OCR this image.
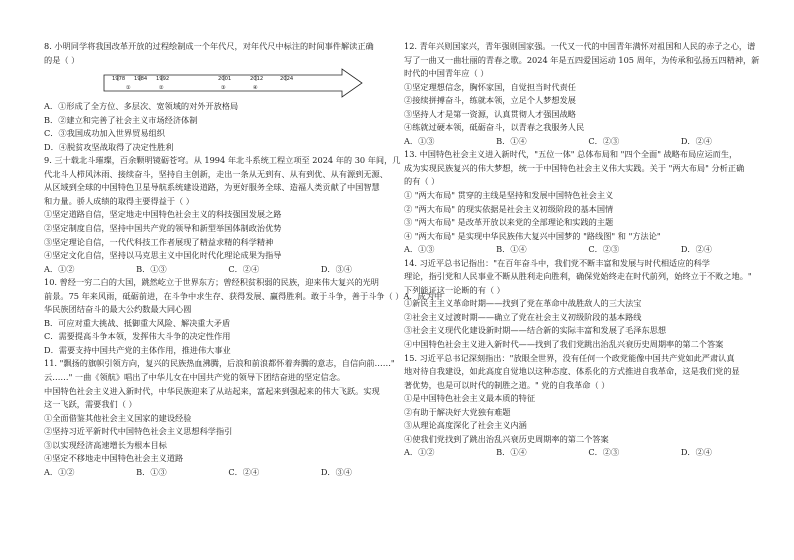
8. 小明同学将我国改革开放的过程绘制成一个年代尺，对年代尺中标注的时间事件解读正确
的是（ ）
1978 1984 1992	2001	2012	2024
①	②	③	④
A．①形成了全方位、多层次、宽领域的对外开放格局
B．②建立和完善了社会主义市场经济体制
C．③我国成功加入世界贸易组织
D．④脱贫攻坚战取得了决定性胜利
9. 三十载北斗璀璨，百余颗明镜砺苍穹。从 1994 年北斗系统工程立项至 2024 年的 30 年间，几
代北斗人栉风沐雨、接续奋斗，坚持自主创新，走出一条从无到有、从有到优、从有源到无源、
从区域到全球的中国特色卫星导航系统建设道路，为更好服务全球、造福人类贡献了中国智慧
和力量。骄人成绩的取得主要得益于（ ）
①坚定道路自信，坚定地走中国特色社会主义的科技强国发展之路
②坚定制度自信，坚持中国共产党的领导和新型举国体制政治优势
③坚定理论自信，一代代科技工作者展现了精益求精的科学精神
④坚定文化自信，坚持以马克思主义中国化时代化理论成果为指导
A．①②	B．①③	C．②④	D．③④
10. 曾经一穷二白的大国，跳然屹立于世界东方；曾经积贫积弱的民族，迎来伟大复兴的光明
前景。75 年来风雨，砥砺前进，在斗争中求生存、获得发展、赢得胜利。敢于斗争，善于斗争（ ）A．成为中
华民族团结奋斗的最大公约数最大同心圆
B．可应对重大挑战、抵御重大风险、解决重大矛盾
C．需要提高斗争本领，发挥伟大斗争的决定性作用
D．需要支持中国共产党的主体作用，推进伟大事业
11. "飘扬的旗帜引领方向，复兴的民族热血沸腾，后浪和前浪都怀着奔腾的意志，自信向前……"
云……" 一曲《领航》唱出了中华儿女在中国共产党的领导下团结奋进的坚定信念。
中国特色社会主义进入新时代，中华民族迎来了从站起来，富起来到强起来的伟大飞跃。实现
这一飞跃，需要我们（ ）
①全面借鉴其他社会主义国家的建设经验
②坚持习近平新时代中国特色社会主义思想科学指引
③以实现经济高速增长为根本目标
④坚定不移地走中国特色社会主义道路
A．①②	B．①③	C．②④	D．③④
12. 青年兴则国家兴，青年强则国家强。一代又一代的中国青年满怀对祖国和人民的赤子之心，谱
写了一曲又一曲壮丽的青春之歌。2024 年是五四爱国运动 105 周年，为传承和弘扬五四精神，新
时代的中国青年应（ ）
①坚定理想信念，胸怀家国，自觉担当时代责任
②接续拼搏奋斗，练就本领，立足个人梦想发展
③坚持人才是第一资源，认真贯彻人才强国战略
④练就过硬本领，砥砺奋斗，以青春之我服务人民
A．①③	B．①④	C．②③	D．②④
13. 中国特色社会主义进入新时代，"五位一体" 总体布局和 "四个全面" 战略布局应运而生，
成为实现民族复兴的伟大梦想，统一于中国特色社会主义伟大实践。关于 "两大布局" 分析正确
的有（ ）
① "两大布局" 贯穿的主线是坚持和发展中国特色社会主义
② "两大布局" 的现实依据是社会主义初级阶段的基本国情
③ "两大布局" 是改革开放以来党的全部理论和实践的主题
④ "两大布局" 是实现中华民族伟大复兴中国梦的 "路线图" 和 "方法论"
A．①③	B．①④	C．②③	D．②④
14. 习近平总书记指出："在百年奋斗中，我们党不断丰富和发展与时代相适应的科学
理论，指引党和人民事业不断从胜利走向胜利，确保党始终走在时代前列，始终立于不败之地。"
下列能证这一论断的有（ ）
①新民主主义革命时期——找到了党在革命中战胜敌人的三大法宝
②社会主义过渡时期——确立了党在社会主义初级阶段的基本路线
③社会主义现代化建设新时期——结合新的实际丰富和发展了毛泽东思想
④中国特色社会主义进入新时代——找到了我们党跳出治乱兴衰历史周期率的第二个答案
15. 习近平总书记深刻指出："放眼全世界，没有任何一个政党能像中国共产党如此严肃认真
地对待自我建设，如此高度自觉地以这种态度、体系化的方式推进自我革命，这是我们党的显
著优势，也是可以时代的制胜之道。" 党的自我革命（ ）
①是中国特色社会主义最本质的特征
②有助于解决好大党独有难题
③从理论高度深化了社会主义内涵
④使我们党找到了跳出治乱兴衰历史周期率的第二个答案
A．①②	B．①④	C．②③	D．②④
